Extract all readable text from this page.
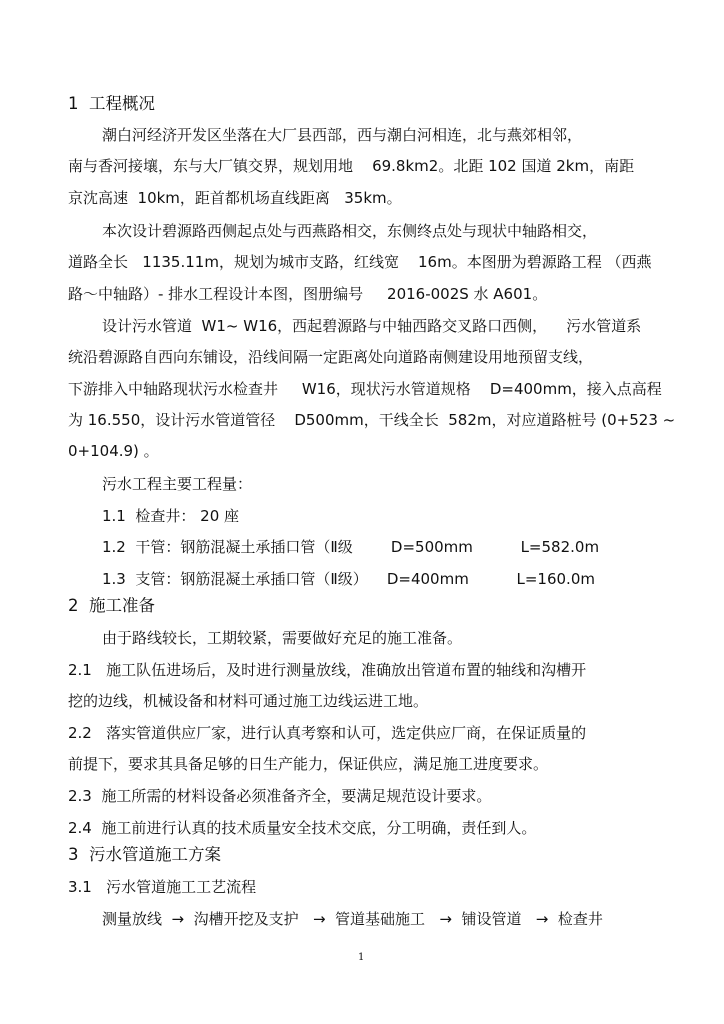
1  工程概况
潮白河经济开发区坐落在大厂县西部，西与潮白河相连，北与燕郊相邻，
南与香河接壤，东与大厂镇交界，规划用地    69.8km2。北距 102 国道 2km，南距
京沈高速  10km，距首都机场直线距离   35km。
本次设计碧源路西侧起点处与西燕路相交，东侧终点处与现状中轴路相交，
道路全长   1135.11m，规划为城市支路，红线宽    16m。本图册为碧源路工程 （西燕
路～中轴路）- 排水工程设计本图，图册编号     2016-002S 水 A601。
设计污水管道  W1~ W16，西起碧源路与中轴西路交叉路口西侧，    污水管道系
统沿碧源路自西向东铺设，沿线间隔一定距离处向道路南侧建设用地预留支线，
下游排入中轴路现状污水检查井     W16，现状污水管道规格    D=400mm，接入点高程
为 16.550，设计污水管道管径    D500mm，干线全长  582m，对应道路桩号 (0+523 ~
0+104.9) 。
污水工程主要工程量：
1.1  检查井： 20 座
1.2  干管：钢筋混凝土承插口管（Ⅱ级        D=500mm          L=582.0m
1.3  支管：钢筋混凝土承插口管（Ⅱ级）    D=400mm          L=160.0m
2  施工准备
由于路线较长，工期较紧，需要做好充足的施工准备。
2.1   施工队伍进场后，及时进行测量放线，准确放出管道布置的轴线和沟槽开
挖的边线，机械设备和材料可通过施工边线运进工地。
2.2   落实管道供应厂家，进行认真考察和认可，选定供应厂商，在保证质量的
前提下，要求其具备足够的日生产能力，保证供应，满足施工进度要求。
2.3  施工所需的材料设备必须准备齐全，要满足规范设计要求。
2.4  施工前进行认真的技术质量安全技术交底，分工明确，责任到人。
3  污水管道施工方案
3.1   污水管道施工工艺流程
测量放线  →  沟槽开挖及支护   →  管道基础施工   →  铺设管道   →  检查井
1
